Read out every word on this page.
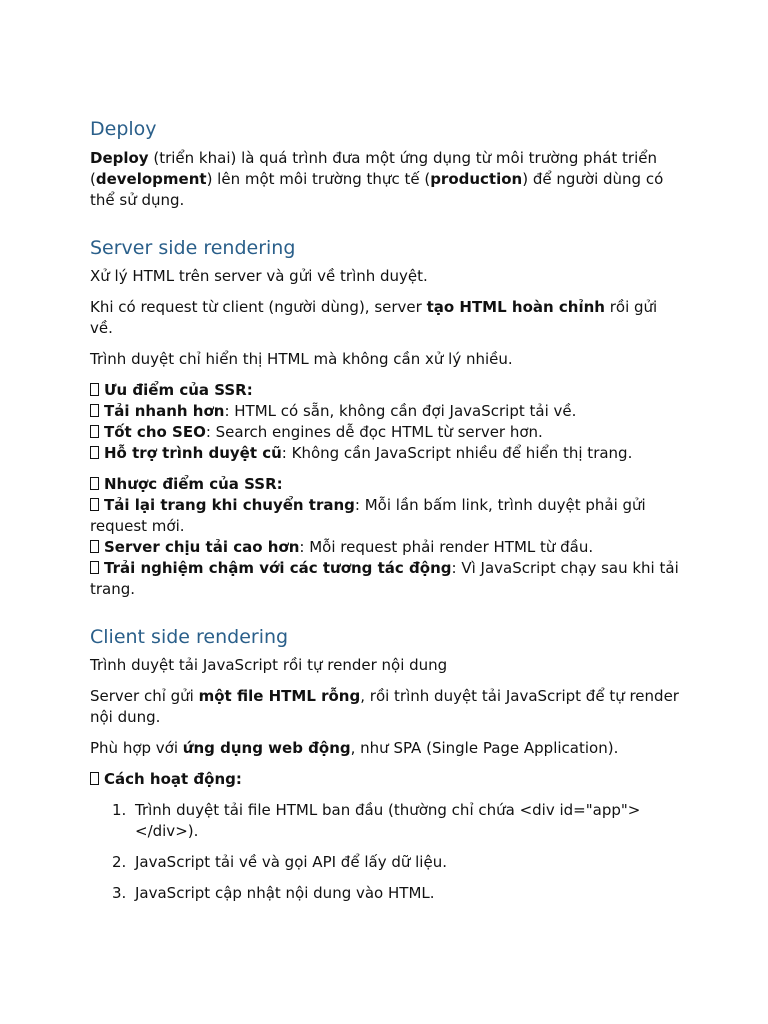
Deploy

Deploy (triển khai) là quá trình đưa một ứng dụng từ môi trường phát triển (development) lên một môi trường thực tế (production) để người dùng có thể sử dụng.

Server side rendering

Xử lý HTML trên server và gửi về trình duyệt.

Khi có request từ client (người dùng), server tạo HTML hoàn chỉnh rồi gửi về.

Trình duyệt chỉ hiển thị HTML mà không cần xử lý nhiều.

Ưu điểm của SSR:

Tải nhanh hơn: HTML có sẵn, không cần đợi JavaScript tải về.

Tốt cho SEO: Search engines dễ đọc HTML từ server hơn.

Hỗ trợ trình duyệt cũ: Không cần JavaScript nhiều để hiển thị trang.

Nhược điểm của SSR:

Tải lại trang khi chuyển trang: Mỗi lần bấm link, trình duyệt phải gửi request mới.

Server chịu tải cao hơn: Mỗi request phải render HTML từ đầu.

Trải nghiệm chậm với các tương tác động: Vì JavaScript chạy sau khi tải trang.

Client side rendering

Trình duyệt tải JavaScript rồi tự render nội dung

Server chỉ gửi một file HTML rỗng, rồi trình duyệt tải JavaScript để tự render nội dung.

Phù hợp với ứng dụng web động, như SPA (Single Page Application).

Cách hoạt động:

1. Trình duyệt tải file HTML ban đầu (thường chỉ chứa <div id="app"></div>).
2. JavaScript tải về và gọi API để lấy dữ liệu.
3. JavaScript cập nhật nội dung vào HTML.
